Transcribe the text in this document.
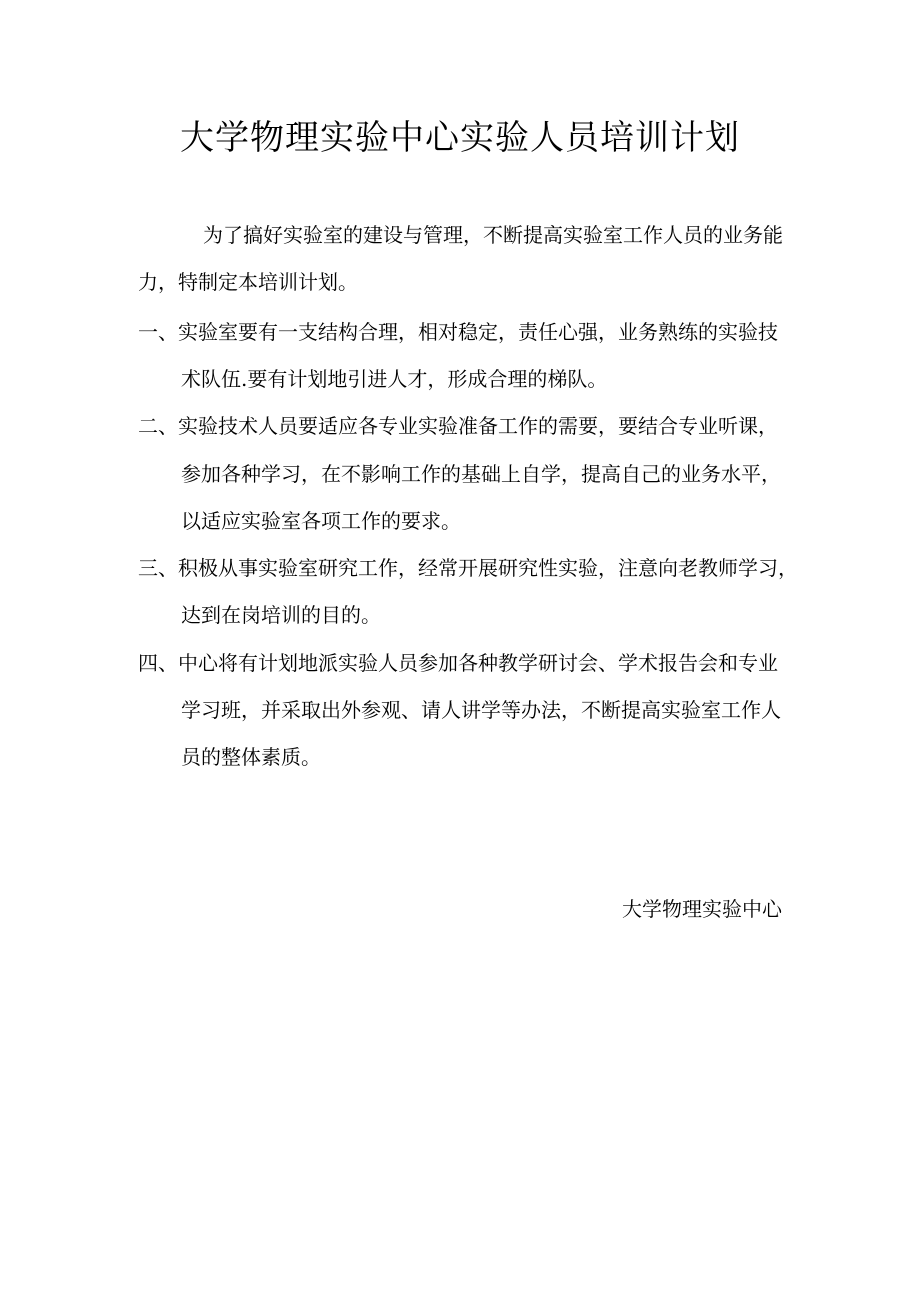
大学物理实验中心实验人员培训计划
为了搞好实验室的建设与管理，不断提高实验室工作人员的业务能
力，特制定本培训计划。
一、实验室要有一支结构合理，相对稳定，责任心强，业务熟练的实验技
术队伍.要有计划地引进人才，形成合理的梯队。
二、实验技术人员要适应各专业实验准备工作的需要，要结合专业听课，
参加各种学习，在不影响工作的基础上自学，提高自己的业务水平，
以适应实验室各项工作的要求。
三、积极从事实验室研究工作，经常开展研究性实验，注意向老教师学习，
达到在岗培训的目的。
四、中心将有计划地派实验人员参加各种教学研讨会、学术报告会和专业
学习班，并采取出外参观、请人讲学等办法，不断提高实验室工作人
员的整体素质。
大学物理实验中心
